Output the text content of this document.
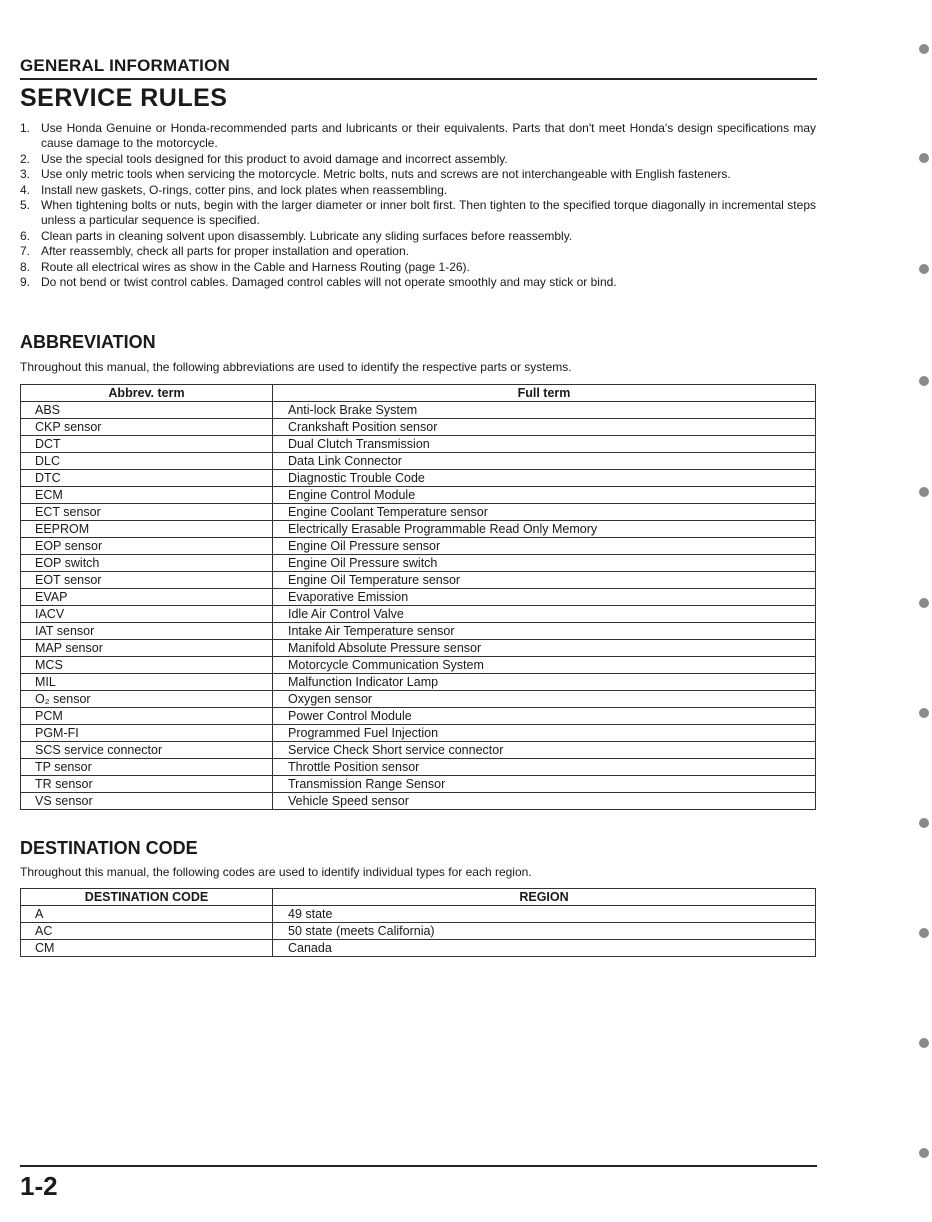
GENERAL INFORMATION
SERVICE RULES
1. Use Honda Genuine or Honda-recommended parts and lubricants or their equivalents. Parts that don't meet Honda's design specifications may cause damage to the motorcycle.
2. Use the special tools designed for this product to avoid damage and incorrect assembly.
3. Use only metric tools when servicing the motorcycle. Metric bolts, nuts and screws are not interchangeable with English fasteners.
4. Install new gaskets, O-rings, cotter pins, and lock plates when reassembling.
5. When tightening bolts or nuts, begin with the larger diameter or inner bolt first. Then tighten to the specified torque diagonally in incremental steps unless a particular sequence is specified.
6. Clean parts in cleaning solvent upon disassembly. Lubricate any sliding surfaces before reassembly.
7. After reassembly, check all parts for proper installation and operation.
8. Route all electrical wires as show in the Cable and Harness Routing (page 1-26).
9. Do not bend or twist control cables. Damaged control cables will not operate smoothly and may stick or bind.
ABBREVIATION
Throughout this manual, the following abbreviations are used to identify the respective parts or systems.
Abbrev. term	Full term
ABS	Anti-lock Brake System
CKP sensor	Crankshaft Position sensor
DCT	Dual Clutch Transmission
DLC	Data Link Connector
DTC	Diagnostic Trouble Code
ECM	Engine Control Module
ECT sensor	Engine Coolant Temperature sensor
EEPROM	Electrically Erasable Programmable Read Only Memory
EOP sensor	Engine Oil Pressure sensor
EOP switch	Engine Oil Pressure switch
EOT sensor	Engine Oil Temperature sensor
EVAP	Evaporative Emission
IACV	Idle Air Control Valve
IAT sensor	Intake Air Temperature sensor
MAP sensor	Manifold Absolute Pressure sensor
MCS	Motorcycle Communication System
MIL	Malfunction Indicator Lamp
O₂ sensor	Oxygen sensor
PCM	Power Control Module
PGM-FI	Programmed Fuel Injection
SCS service connector	Service Check Short service connector
TP sensor	Throttle Position sensor
TR sensor	Transmission Range Sensor
VS sensor	Vehicle Speed sensor
DESTINATION CODE
Throughout this manual, the following codes are used to identify individual types for each region.
DESTINATION CODE	REGION
A	49 state
AC	50 state (meets California)
CM	Canada
1-2
